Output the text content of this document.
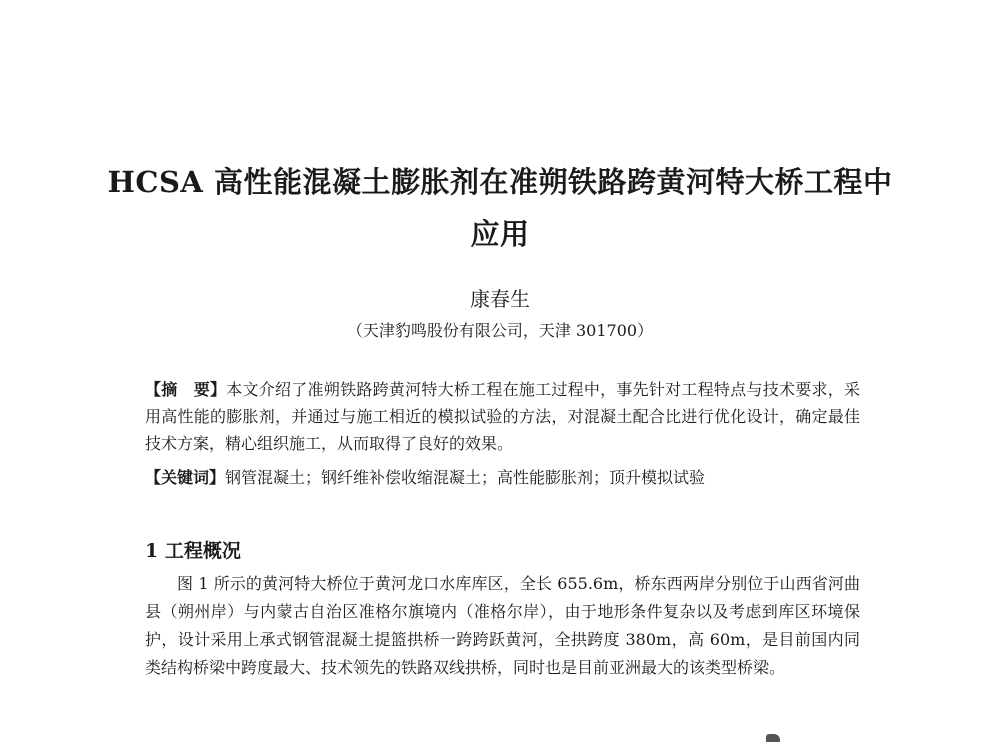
HCSA 高性能混凝土膨胀剂在准朔铁路跨黄河特大桥工程中
应用
康春生
（天津豹鸣股份有限公司，天津 301700）
【摘　要】本文介绍了准朔铁路跨黄河特大桥工程在施工过程中，事先针对工程特点与技术要求，采用高性能的膨胀剂，并通过与施工相近的模拟试验的方法，对混凝土配合比进行优化设计，确定最佳技术方案，精心组织施工，从而取得了良好的效果。
【关键词】钢管混凝土；钢纤维补偿收缩混凝土；高性能膨胀剂；顶升模拟试验
1 工程概况

图 1 所示的黄河特大桥位于黄河龙口水库库区，全长 655.6m，桥东西两岸分别位于山西省河曲县（朔州岸）与内蒙古自治区准格尔旗境内（准格尔岸），由于地形条件复杂以及考虑到库区环境保护，设计采用上承式钢管混凝土提篮拱桥一跨跨跃黄河，全拱跨度 380m，高 60m，是目前国内同类结构桥梁中跨度最大、技术领先的铁路双线拱桥，同时也是目前亚洲最大的该类型桥梁。
